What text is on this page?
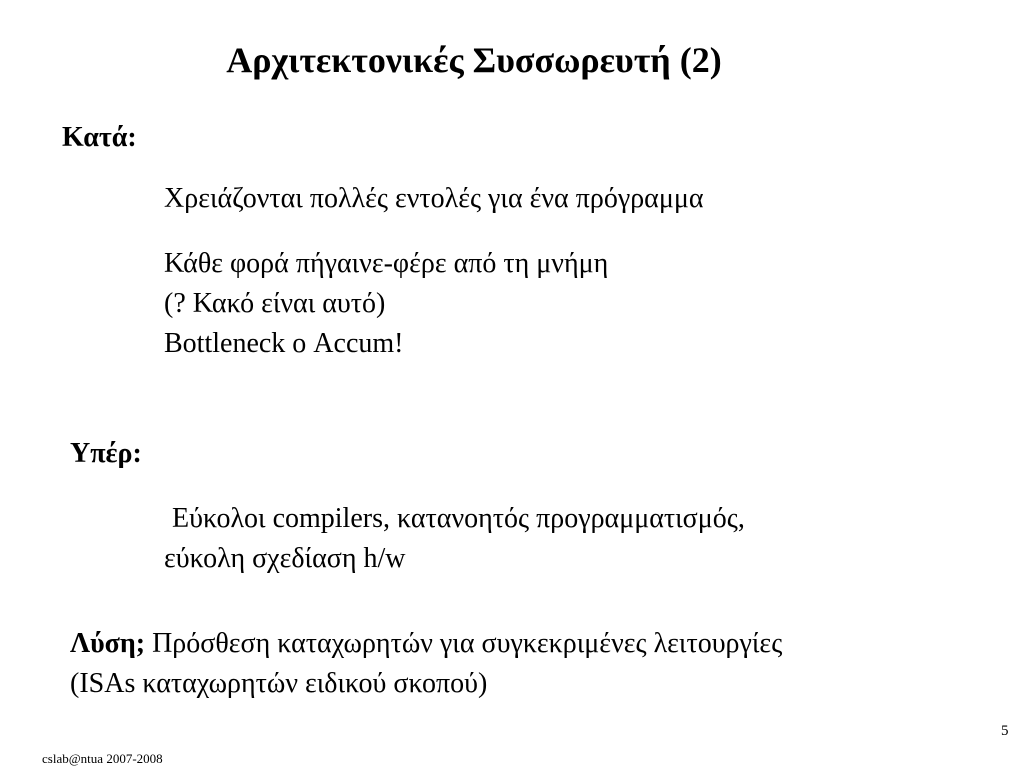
Αρχιτεκτονικές Συσσωρευτή (2)
Κατά:
Χρειάζονται πολλές εντολές για ένα πρόγραμμα
Κάθε φορά πήγαινε-φέρε από τη μνήμη
(? Κακό είναι αυτό)
Bottleneck ο Accum!
Υπέρ:
Εύκολοι compilers, κατανοητός προγραμματισμός,
εύκολη σχεδίαση h/w
Λύση; Πρόσθεση καταχωρητών για συγκεκριμένες λειτουργίες
(ISAs καταχωρητών ειδικού σκοπού)
5
cslab@ntua 2007-2008
